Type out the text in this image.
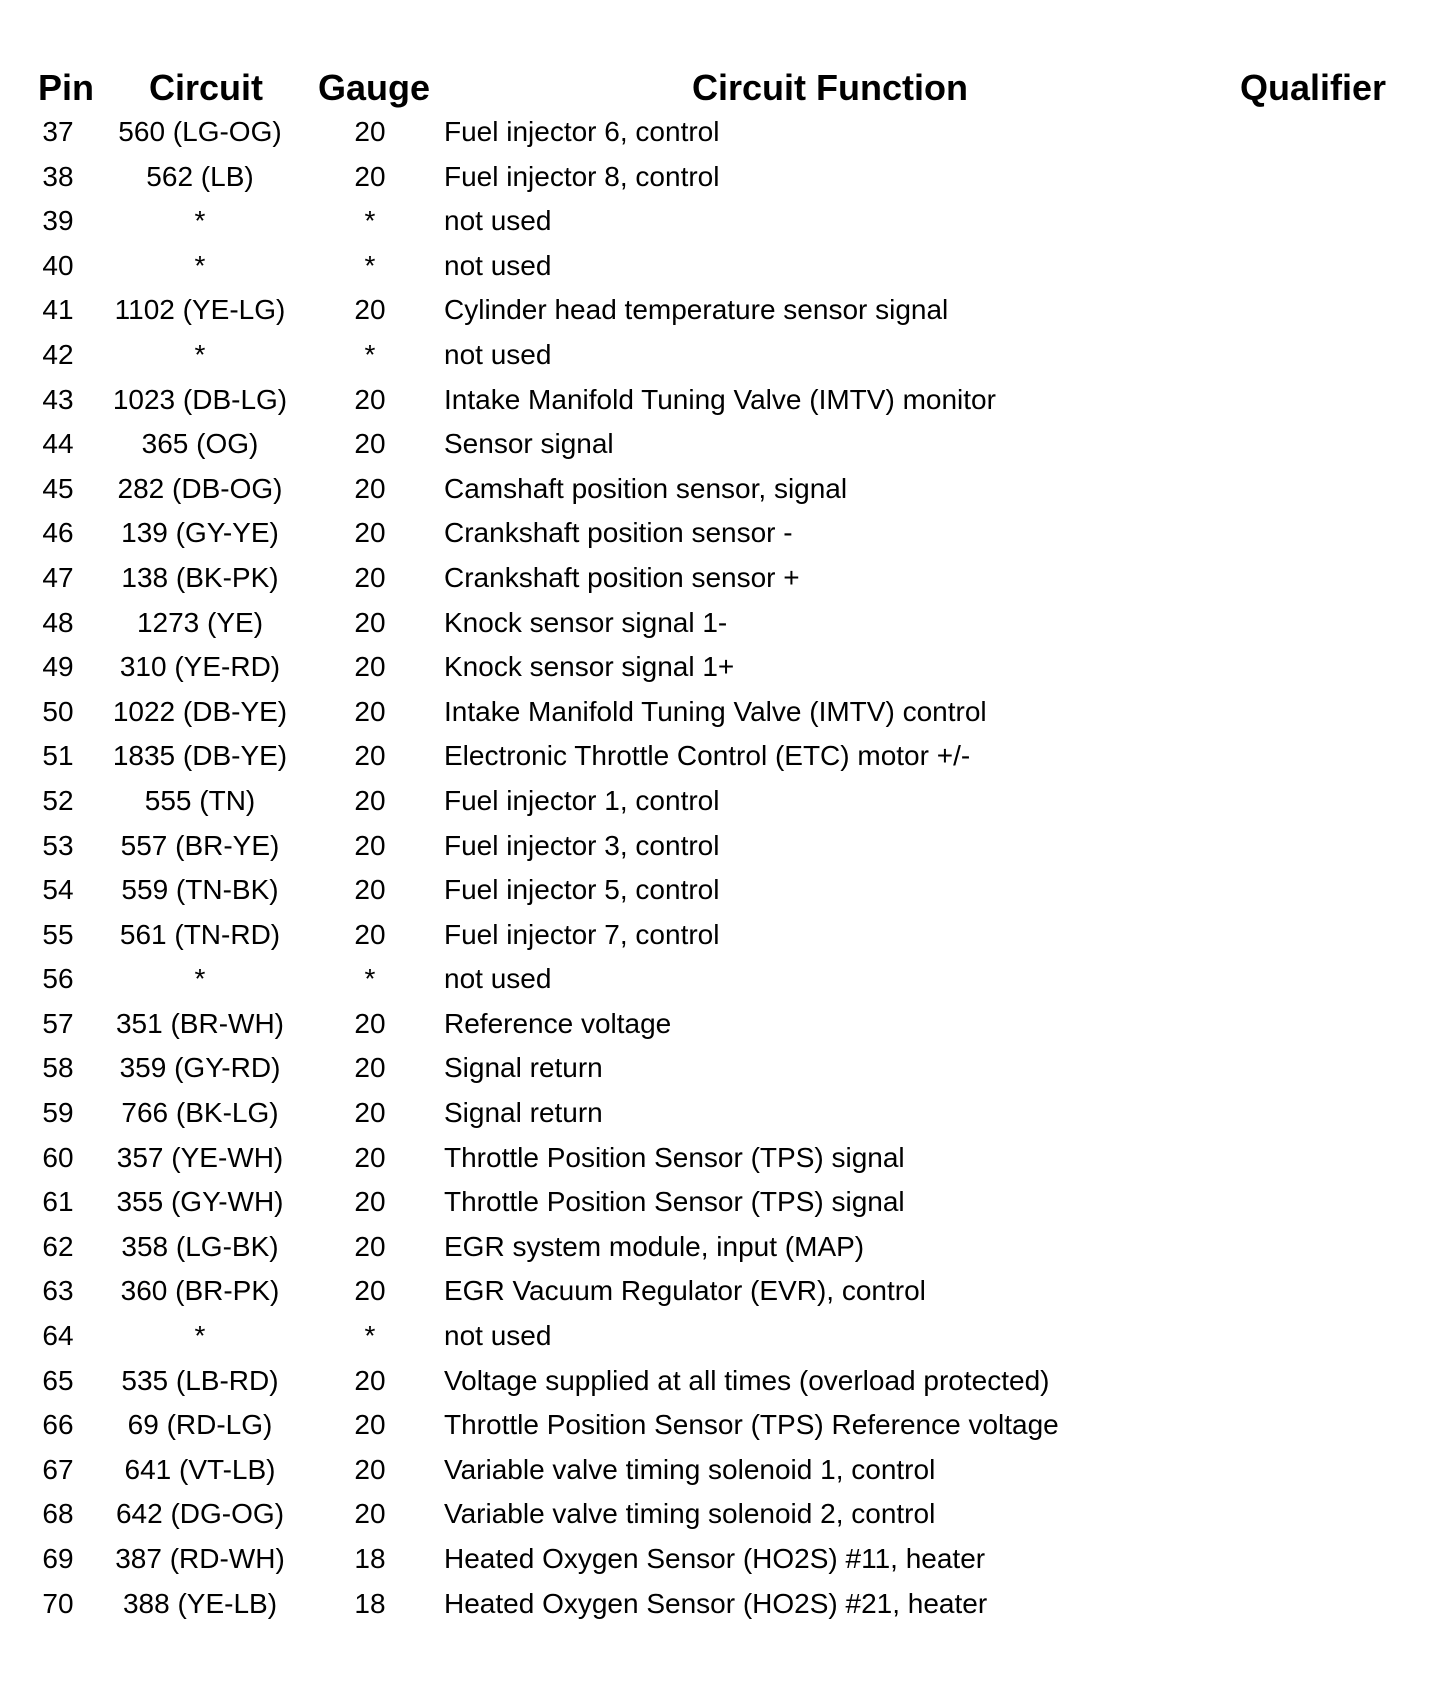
Pin Circuit Gauge	Circuit Function	Qualifier
37	560 (LG-OG)	20	Fuel injector 6, control
38	562 (LB)	20	Fuel injector 8, control
39	*	*	not used
40	*	*	not used
41	1102 (YE-LG)	20	Cylinder head temperature sensor signal
42	*	*	not used
43	1023 (DB-LG)	20	Intake Manifold Tuning Valve (IMTV) monitor
44	365 (OG)	20	Sensor signal
45	282 (DB-OG)	20	Camshaft position sensor, signal
46	139 (GY-YE)	20	Crankshaft position sensor -
47	138 (BK-PK)	20	Crankshaft position sensor +
48	1273 (YE)	20	Knock sensor signal 1-
49	310 (YE-RD)	20	Knock sensor signal 1+
50	1022 (DB-YE)	20	Intake Manifold Tuning Valve (IMTV) control
51	1835 (DB-YE)	20	Electronic Throttle Control (ETC) motor +/-
52	555 (TN)	20	Fuel injector 1, control
53	557 (BR-YE)	20	Fuel injector 3, control
54	559 (TN-BK)	20	Fuel injector 5, control
55	561 (TN-RD)	20	Fuel injector 7, control
56	*	*	not used
57	351 (BR-WH)	20	Reference voltage
58	359 (GY-RD)	20	Signal return
59	766 (BK-LG)	20	Signal return
60	357 (YE-WH)	20	Throttle Position Sensor (TPS) signal
61	355 (GY-WH)	20	Throttle Position Sensor (TPS) signal
62	358 (LG-BK)	20	EGR system module, input (MAP)
63	360 (BR-PK)	20	EGR Vacuum Regulator (EVR), control
64	*	*	not used
65	535 (LB-RD)	20	Voltage supplied at all times (overload protected)
66	69 (RD-LG)	20	Throttle Position Sensor (TPS) Reference voltage
67	641 (VT-LB)	20	Variable valve timing solenoid 1, control
68	642 (DG-OG)	20	Variable valve timing solenoid 2, control
69	387 (RD-WH)	18	Heated Oxygen Sensor (HO2S) #11, heater
70	388 (YE-LB)	18	Heated Oxygen Sensor (HO2S) #21, heater
